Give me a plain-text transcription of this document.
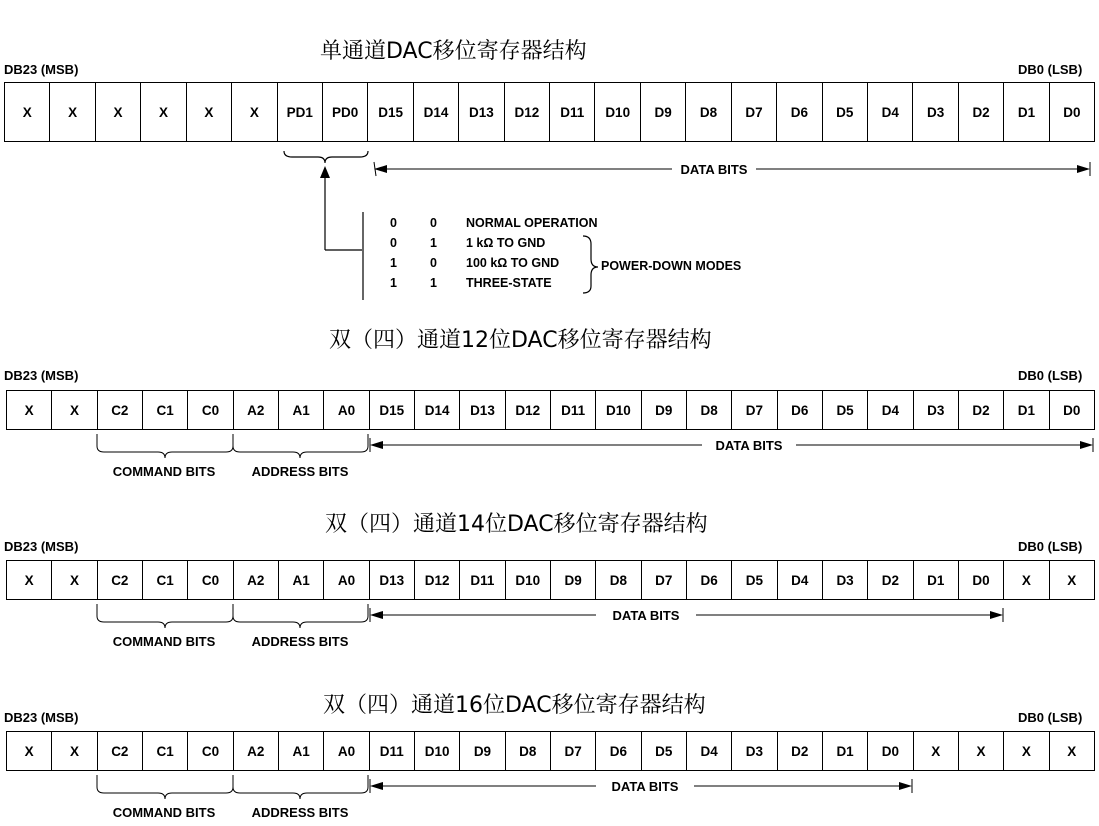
单通道DAC移位寄存器结构
DB23 (MSB)	DB0 (LSB)
X	X	X	X	X	X	PD1	PD0	D15	D14	D13	D12	D11	D10	D9	D8	D7	D6	D5	D4	D3	D2	D1	D0
DATA BITS
0	0 NORMAL OPERATION
0	1 1 kΩ TO GND
1	0 100 kΩ TO GND
1	1 THREE-STATE
POWER-DOWN MODES
双（四）通道12位DAC移位寄存器结构
DB23 (MSB)	DB0 (LSB)
X	X	C2	C1	C0	A2	A1	A0	D15	D14	D13	D12	D11	D10	D9	D8	D7	D6	D5	D4	D3	D2	D1	D0
COMMAND BITS	ADDRESS BITS
DATA BITS
双（四）通道14位DAC移位寄存器结构
DB23 (MSB)	DB0 (LSB)
X	X	C2	C1	C0	A2	A1	A0	D13	D12	D11	D10	D9	D8	D7	D6	D5	D4	D3	D2	D1	D0	X	X
COMMAND BITS	ADDRESS BITS
DATA BITS
双（四）通道16位DAC移位寄存器结构
DB23 (MSB)	DB0 (LSB)
X	X	C2	C1	C0	A2	A1	A0	D11	D10	D9	D8	D7	D6	D5	D4	D3	D2	D1	D0	X	X	X	X
COMMAND BITS	ADDRESS BITS
DATA BITS
